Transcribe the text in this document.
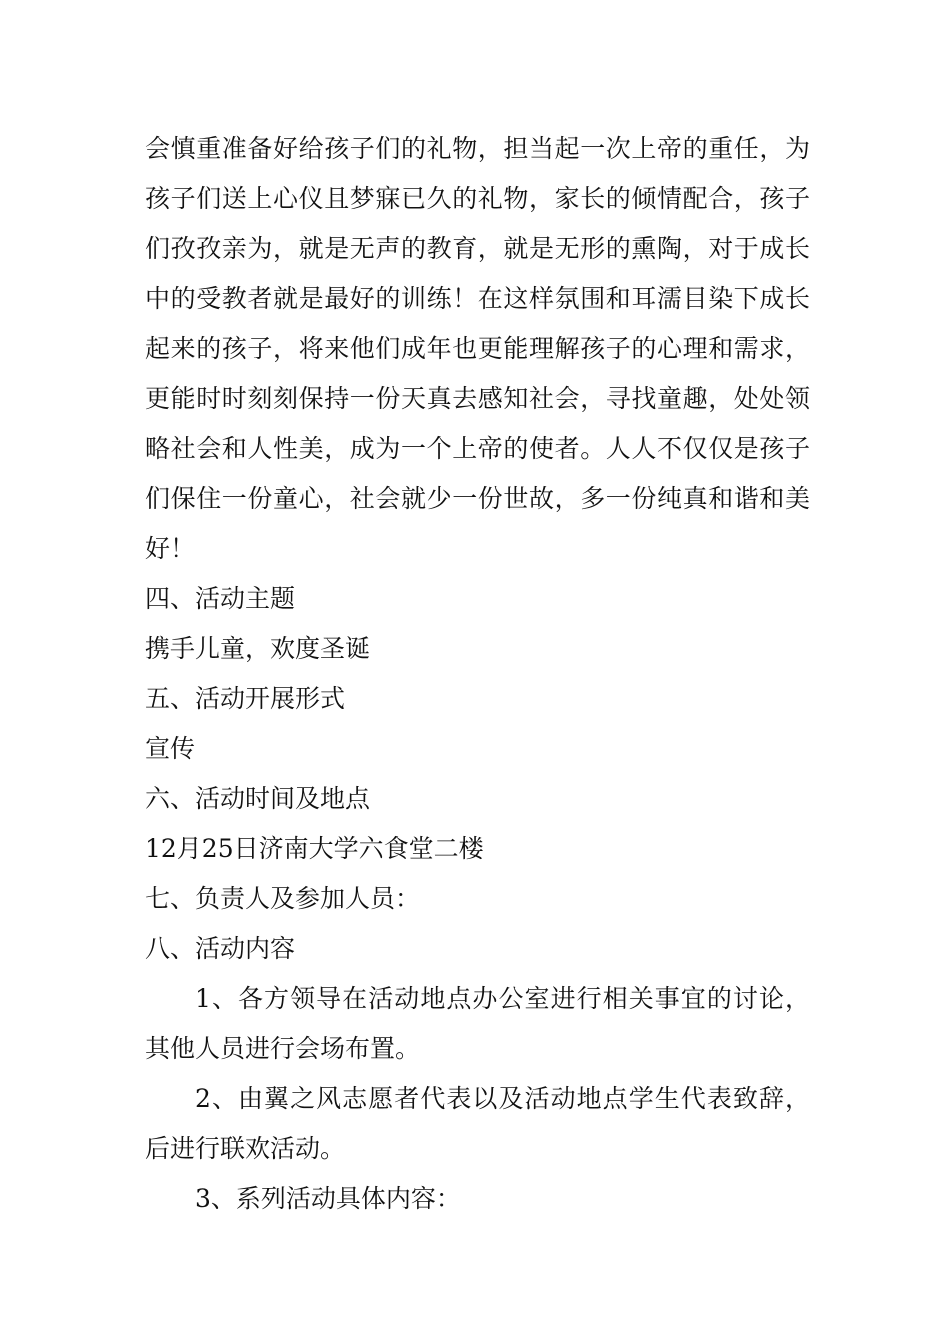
会慎重准备好给孩子们的礼物，担当起一次上帝的重任，为孩子们送上心仪且梦寐已久的礼物，家长的倾情配合，孩子们孜孜亲为，就是无声的教育，就是无形的熏陶，对于成长中的受教者就是最好的训练！在这样氛围和耳濡目染下成长起来的孩子，将来他们成年也更能理解孩子的心理和需求，更能时时刻刻保持一份天真去感知社会，寻找童趣，处处领略社会和人性美，成为一个上帝的使者。人人不仅仅是孩子们保住一份童心，社会就少一份世故，多一份纯真和谐和美好！

四、活动主题

携手儿童，欢度圣诞

五、活动开展形式

宣传

六、活动时间及地点

12月25日济南大学六食堂二楼

七、负责人及参加人员：

八、活动内容

1、各方领导在活动地点办公室进行相关事宜的讨论，其他人员进行会场布置。

2、由翼之风志愿者代表以及活动地点学生代表致辞，后进行联欢活动。

3、系列活动具体内容：
